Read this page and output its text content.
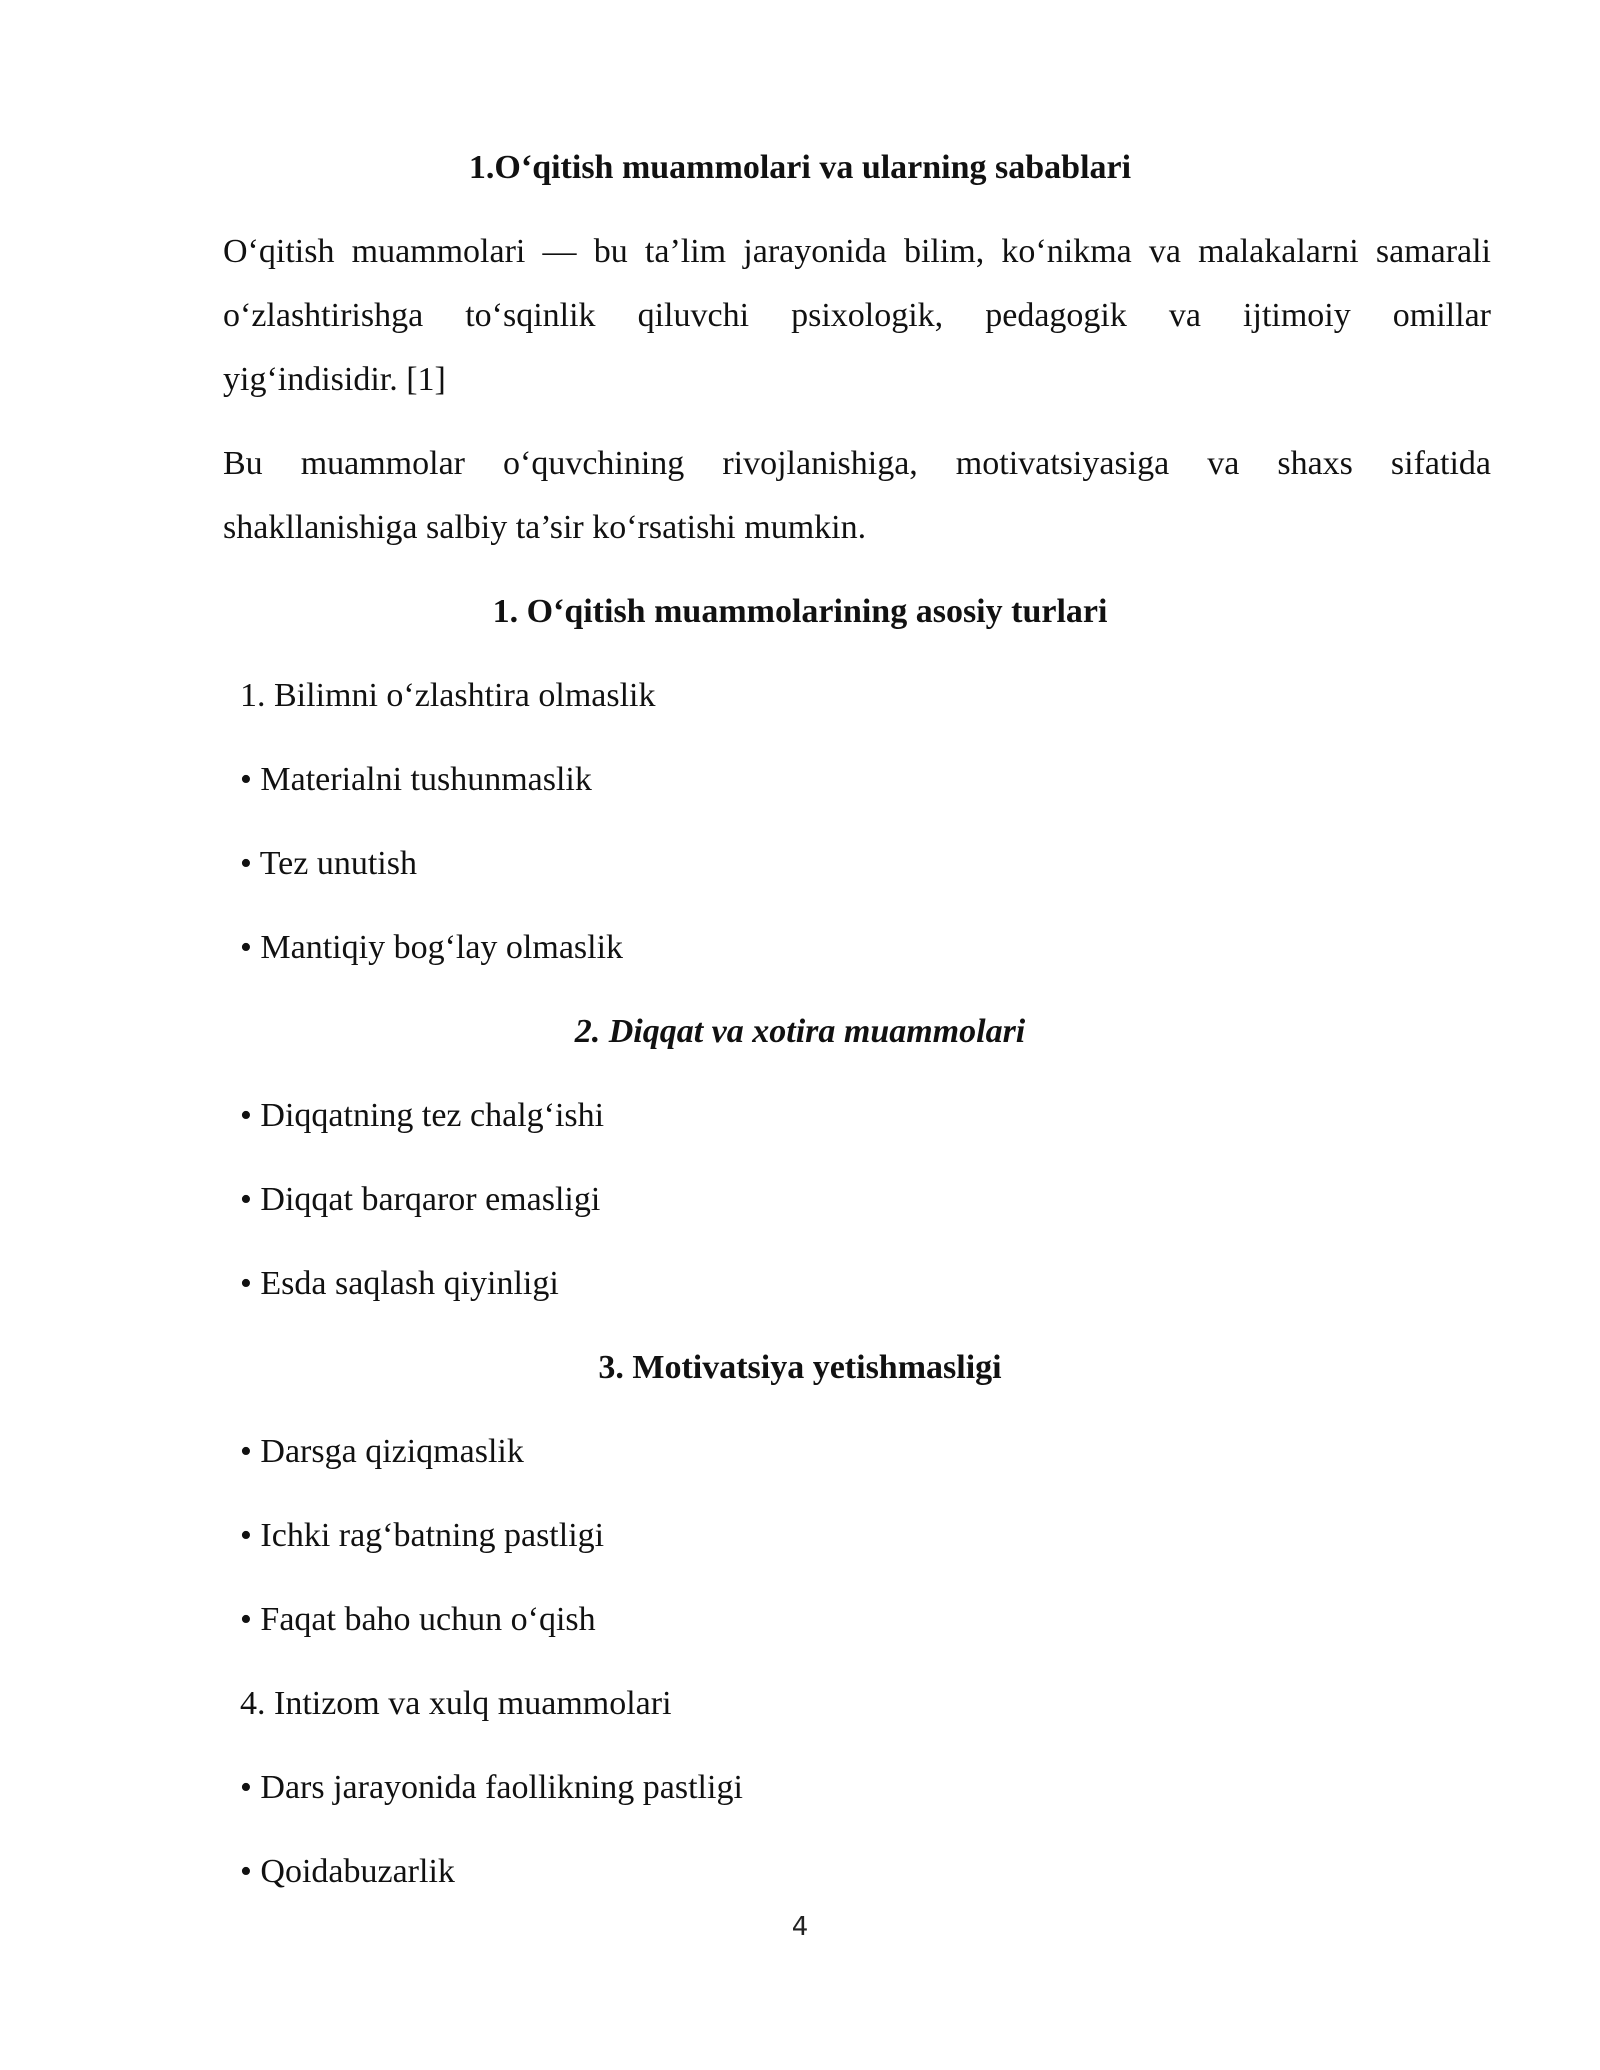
1.O‘qitish muammolari va ularning sabablari
O‘qitish muammolari — bu ta’lim jarayonida bilim, ko‘nikma va malakalarni samarali
o‘zlashtirishga to‘sqinlik qiluvchi psixologik, pedagogik va ijtimoiy omillar
yig‘indisidir. [1]
Bu muammolar o‘quvchining rivojlanishiga, motivatsiyasiga va shaxs sifatida
shakllanishiga salbiy ta’sir ko‘rsatishi mumkin.
1. O‘qitish muammolarining asosiy turlari
1. Bilimni o‘zlashtira olmaslik
• Materialni tushunmaslik
• Tez unutish
• Mantiqiy bog‘lay olmaslik
2. Diqqat va xotira muammolari
• Diqqatning tez chalg‘ishi
• Diqqat barqaror emasligi
• Esda saqlash qiyinligi
3. Motivatsiya yetishmasligi
• Darsga qiziqmaslik
• Ichki rag‘batning pastligi
• Faqat baho uchun o‘qish
4. Intizom va xulq muammolari
• Dars jarayonida faollikning pastligi
• Qoidabuzarlik
4
